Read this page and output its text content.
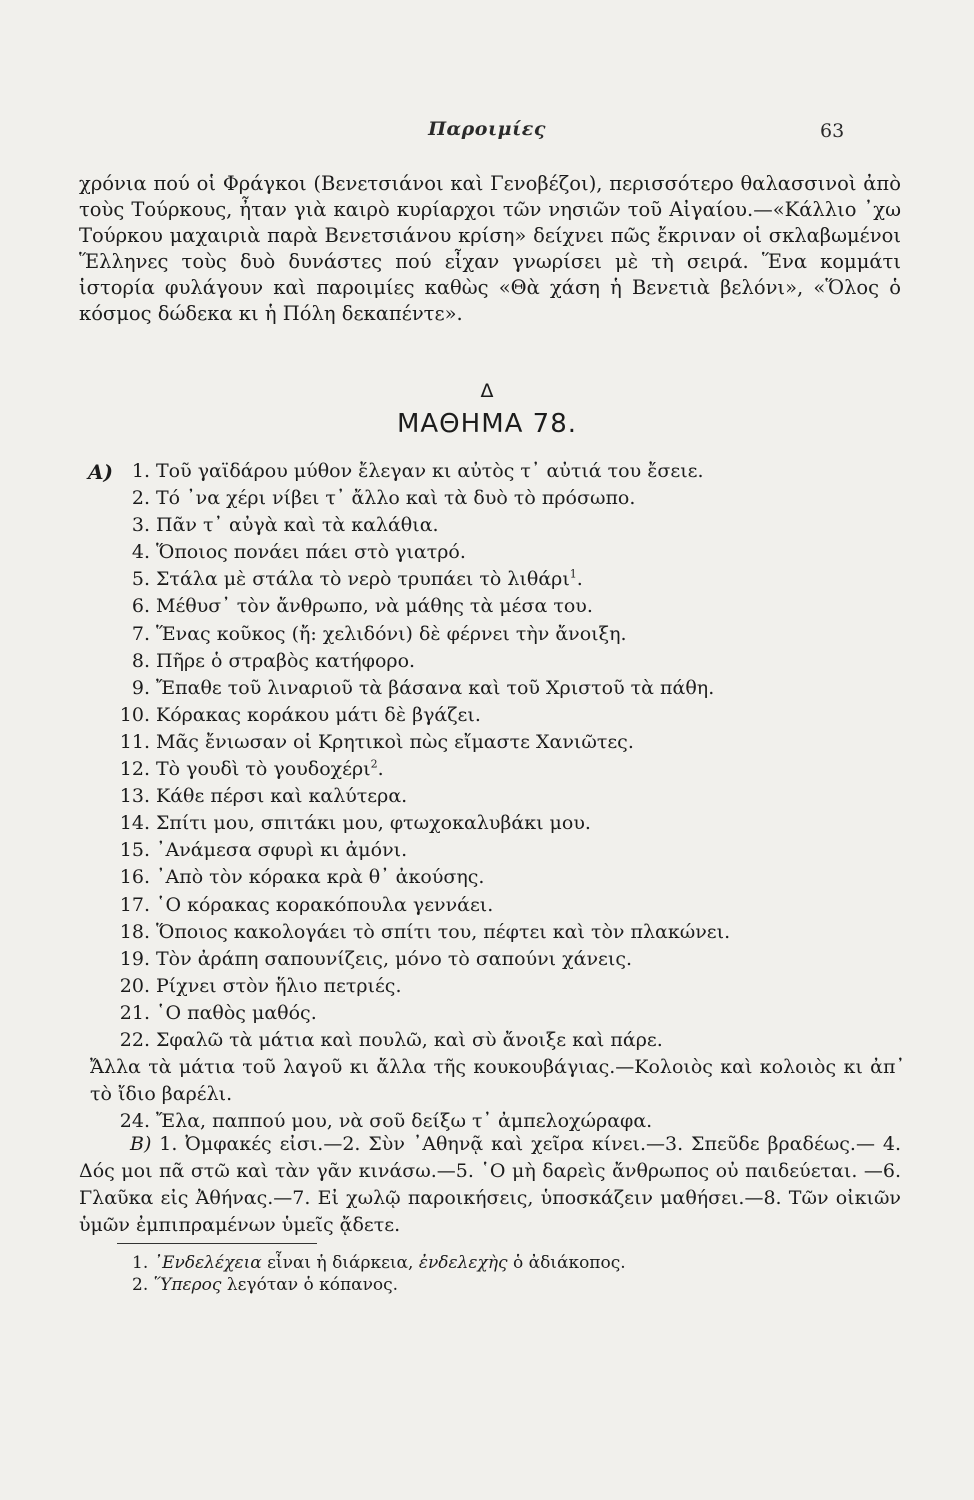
Παροιμίες	63

χρόνια πού οἱ Φράγκοι (Βενετσιάνοι καὶ Γενοβέζοι), περισσότερο θαλασσινοὶ ἀπὸ τοὺς Τούρκους, ἦταν γιὰ καιρὸ κυρίαρχοι τῶν νησιῶν τοῦ Αἰγαίου.—«Κάλλιο ᾽χω Τούρκου μαχαιριὰ παρὰ Βενετσιάνου κρίση» δείχνει πῶς ἔκριναν οἱ σκλαβωμένοι Ἕλληνες τοὺς δυὸ δυνάστες πού εἶχαν γνωρίσει μὲ τὴ σειρά. Ἕνα κομμάτι ἱστορία φυλάγουν καὶ παροιμίες καθὼς «Θὰ χάση ἡ Βενετιὰ βελόνι», «Ὅλος ὁ κόσμος δώδεκα κι ἡ Πόλη δεκαπέντε».

Δ
ΜΑΘΗΜΑ 78.
Α) 1. Τοῦ γαϊδάρου μύθον ἔλεγαν κι αὐτὸς τ᾽ αὐτιά του ἔσειε.
2. Τό ᾽να χέρι νίβει τ᾽ ἄλλο καὶ τὰ δυὸ τὸ πρόσωπο.
3. Πᾶν τ᾽ αὐγὰ καὶ τὰ καλάθια.
4. Ὅποιος πονάει πάει στὸ γιατρό.
5. Στάλα μὲ στάλα τὸ νερὸ τρυπάει τὸ λιθάρι$^1$.
6. Μέθυσ᾽ τὸν ἄνθρωπο, νὰ μάθης τὰ μέσα του.
7. Ἕνας κοῦκος (ἤ: χελιδόνι) δὲ φέρνει τὴν ἄνοιξη.
8. Πῆρε ὁ στραβὸς κατήφορο.
9. Ἔπαθε τοῦ λιναριοῦ τὰ βάσανα καὶ τοῦ Χριστοῦ τὰ πάθη.
10. Κόρακας κοράκου μάτι δὲ βγάζει.
11. Μᾶς ἔνιωσαν οἱ Κρητικοὶ πὼς εἴμαστε Χανιῶτες.
12. Τὸ γουδὶ τὸ γουδοχέρι$^2$.
13. Κάθε πέρσι καὶ καλύτερα.
14. Σπίτι μου, σπιτάκι μου, φτωχοκαλυβάκι μου.
15. ᾽Ανάμεσα σφυρὶ κι ἀμόνι.
16. ᾽Απὸ τὸν κόρακα κρὰ θ᾽ ἀκούσης.
17. ῾Ο κόρακας κορακόπουλα γεννάει.
18. Ὅποιος κακολογάει τὸ σπίτι του, πέφτει καὶ τὸν πλακώνει.
19. Τὸν ἀράπη σαπουνίζεις, μόνο τὸ σαπούνι χάνεις.
20. Ρίχνει στὸν ἥλιο πετριές.
21. ῾Ο παθὸς μαθός.
22. Σφαλῶ τὰ μάτια καὶ πουλῶ, καὶ σὺ ἄνοιξε καὶ πάρε.
Ἄλλα τὰ μάτια τοῦ λαγοῦ κι ἄλλα τῆς κουκουβάγιας.—Κολοιὸς καὶ κολοιὸς κι ἀπ᾽ τὸ ἴδιο βαρέλι.
24. Ἔλα, παππού μου, νὰ σοῦ δείξω τ᾽ ἀμπελοχώραφα.

Β) 1. Ὀμφακές εἰσι.—2. Σὺν ᾽Αθηνᾷ καὶ χεῖρα κίνει.—3. Σπεῦδε βραδέως.— 4. Δός μοι πᾶ στῶ καὶ τὰν γᾶν κινάσω.—5. ῾Ο μὴ δαρεὶς ἄνθρωπος οὐ παιδεύεται. —6. Γλαῦκα εἰς Ἀθήνας.—7. Εἰ χωλῷ παροικήσεις, ὑποσκάζειν μαθήσει.—8. Τῶν οἰκιῶν ὑμῶν ἐμπιπραμένων ὑμεῖς ᾄδετε.

1. ᾽Ενδελέχεια εἶναι ἡ διάρκεια, ἐνδελεχὴς ὁ ἀδιάκοπος.
2. Ὕπερος λεγόταν ὁ κόπανος.
